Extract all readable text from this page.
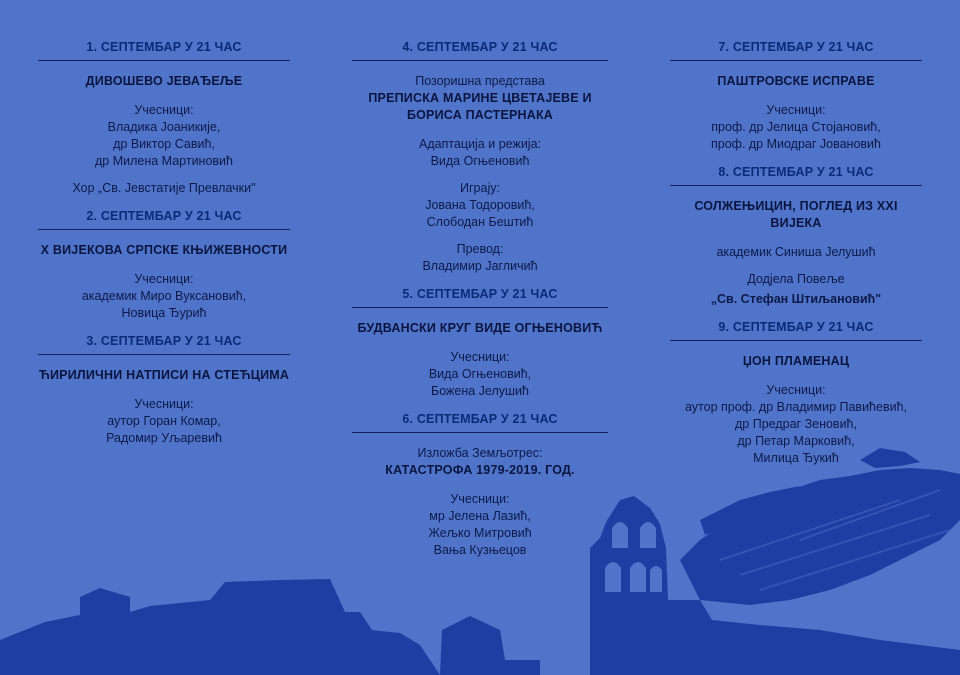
1. СЕПТЕМБАР У 21 ЧАС
ДИВОШЕВО ЈЕВАЂЕЉЕ
Учесници:
Владика Јоаникије,
др Виктор Савић,
др Милена Мартиновић
Хор „Св. Јевстатије Превлачки"
2. СЕПТЕМБАР У 21 ЧАС
X ВИЈЕКОВА СРПСКЕ КЊИЖЕВНОСТИ
Учесници:
академик Миро Вуксановић,
Новица Ђурић
3. СЕПТЕМБАР У 21 ЧАС
ЋИРИЛИЧНИ НАТПИСИ НА СТЕЋЦИМА
Учесници:
аутор Горан Комар,
Радомир Уљаревић
4. СЕПТЕМБАР У 21 ЧАС
Позоришна представа
ПРЕПИСКА МАРИНЕ ЦВЕТАЈЕВЕ И
БОРИСА ПАСТЕРНАКА
Адаптација и режија:
Вида Огњеновић
Играју:
Јована Тодоровић,
Слободан Бештић
Превод:
Владимир Јагличић
5. СЕПТЕМБАР У 21 ЧАС
БУДВАНСКИ КРУГ ВИДЕ ОГЊЕНОВИЋ
Учесници:
Вида Огњеновић,
Божена Јелушић
6. СЕПТЕМБАР У 21 ЧАС
Изложба Земљотрес:
КАТАСТРОФА 1979-2019. ГОД.
Учесници:
мр Јелена Лазић,
Жељко Митровић
Вања Кузњецов
7. СЕПТЕМБАР У 21 ЧАС
ПАШТРОВСКЕ ИСПРАВЕ
Учесници:
проф. др Јелица Стојановић,
проф. др Миодраг Јовановић
8. СЕПТЕМБАР У 21 ЧАС
СОЛЖЕЊИЦИН, ПОГЛЕД ИЗ XXI ВИЈЕКА
академик Синиша Јелушић
Додјела Повеље
„Св. Стефан Штиљановић"
9. СЕПТЕМБАР У 21 ЧАС
ЏОН ПЛАМЕНАЦ
Учесници:
аутор проф. др Владимир Павићевић,
др Предраг Зеновић,
др Петар Марковић,
Милица Ђукић
